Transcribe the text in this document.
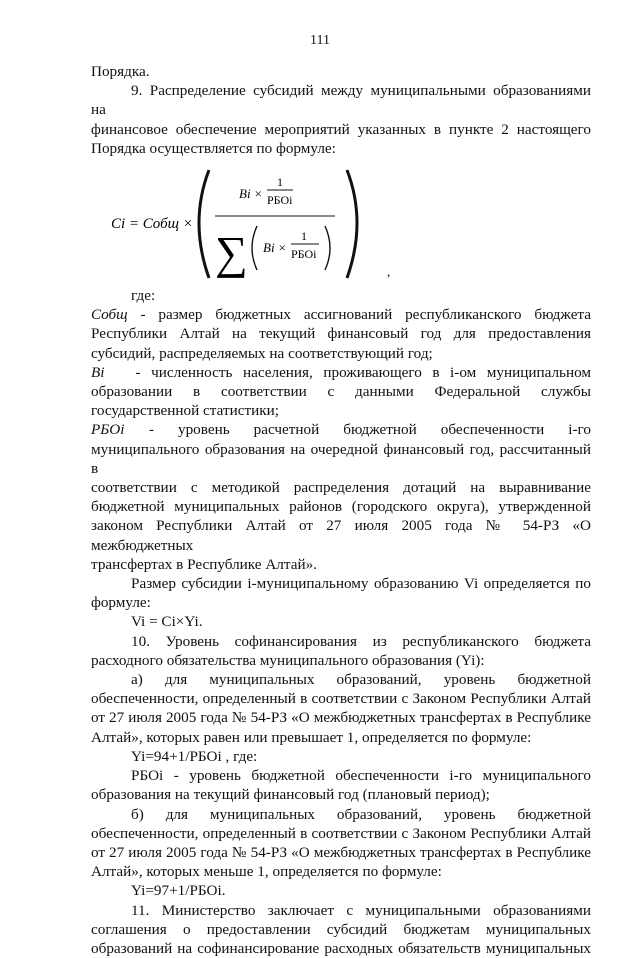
111

Порядка.

9. Распределение субсидий между муниципальными образованиями на

финансовое обеспечение мероприятий указанных в пункте 2 настоящего

Порядка осуществляется по формуле:

Ci = Cобщ ×
Bi ×
1
РБОi
∑ Bi ×
1
РБОi
,

где:

Cобщ - размер бюджетных ассигнований республиканского бюджета

Республики Алтай на текущий финансовый год для предоставления

субсидий, распределяемых на соответствующий год;

Bi - численность населения, проживающего в i-ом муниципальном

образовании в соответствии с данными Федеральной службы

государственной статистики;

РБОi - уровень расчетной бюджетной обеспеченности i-го

муниципального образования на очередной финансовый год, рассчитанный в

соответствии с методикой распределения дотаций на выравнивание

бюджетной муниципальных районов (городского округа), утвержденной

законом Республики Алтай от 27 июля 2005 года № 54-РЗ «О межбюджетных

трансфертах в Республике Алтай».

Размер субсидии i-муниципальному образованию Vi определяется по

формуле:

Vi = Ci×Yi.

10. Уровень софинансирования из республиканского бюджета

расходного обязательства муниципального образования (Yi):

а) для муниципальных образований, уровень бюджетной

обеспеченности, определенный в соответствии с Законом Республики Алтай

от 27 июля 2005 года № 54-РЗ «О межбюджетных трансфертах в Республике

Алтай», которых равен или превышает 1, определяется по формуле:

Yi=94+1/РБОi , где:

РБОi - уровень бюджетной обеспеченности i-го муниципального

образования на текущий финансовый год (плановый период);

б) для муниципальных образований, уровень бюджетной

обеспеченности, определенный в соответствии с Законом Республики Алтай

от 27 июля 2005 года № 54-РЗ «О межбюджетных трансфертах в Республике

Алтай», которых меньше 1, определяется по формуле:

Yi=97+1/РБОi.

11. Министерство заключает с муниципальными образованиями

соглашения о предоставлении субсидий бюджетам муниципальных

образований на софинансирование расходных обязательств муниципальных
